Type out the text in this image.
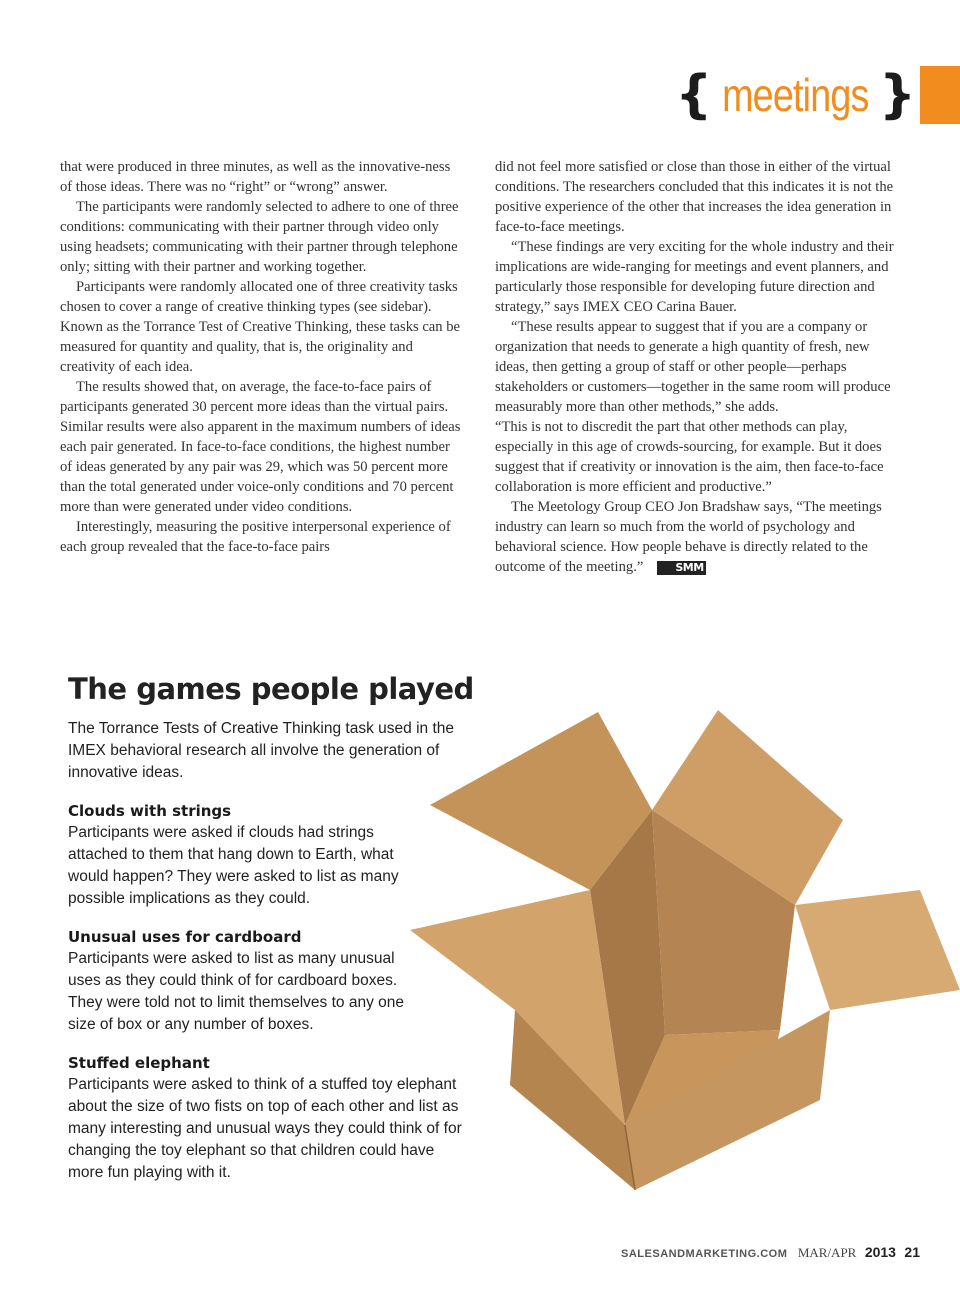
{ meetings }

that were produced in three minutes, as well as the innovative-ness of those ideas. There was no “right” or “wrong” answer.

The participants were randomly selected to adhere to one of three conditions: communicating with their partner through video only using headsets; communicating with their partner through telephone only; sitting with their partner and working together.

Participants were randomly allocated one of three creativity tasks chosen to cover a range of creative thinking types (see sidebar). Known as the Torrance Test of Creative Thinking, these tasks can be measured for quantity and quality, that is, the originality and creativity of each idea.

The results showed that, on average, the face-to-face pairs of participants generated 30 percent more ideas than the virtual pairs. Similar results were also apparent in the maximum numbers of ideas each pair generated. In face-to-face conditions, the highest number of ideas generated by any pair was 29, which was 50 percent more than the total generated under voice-only conditions and 70 percent more than were generated under video conditions.

Interestingly, measuring the positive interpersonal experience of each group revealed that the face-to-face pairs

did not feel more satisfied or close than those in either of the virtual conditions. The researchers concluded that this indicates it is not the positive experience of the other that increases the idea generation in face-to-face meetings.

“These findings are very exciting for the whole industry and their implications are wide-ranging for meetings and event planners, and particularly those responsible for developing future direction and strategy,” says IMEX CEO Carina Bauer.

“These results appear to suggest that if you are a company or organization that needs to generate a high quantity of fresh, new ideas, then getting a group of staff or other people—perhaps stakeholders or customers—together in the same room will produce measurably more than other methods,” she adds.

“This is not to discredit the part that other methods can play, especially in this age of crowds-sourcing, for example. But it does suggest that if creativity or innovation is the aim, then face-to-face collaboration is more efficient and productive.”

The Meetology Group CEO Jon Bradshaw says, “The meetings industry can learn so much from the world of psychology and behavioral science. How people behave is directly related to the outcome of the meeting.”	SMM

The games people played

The Torrance Tests of Creative Thinking task used in the IMEX behavioral research all involve the generation of innovative ideas.

Clouds with strings

Participants were asked if clouds had strings attached to them that hang down to Earth, what would happen? They were asked to list as many possible implications as they could.

Unusual uses for cardboard

Participants were asked to list as many unusual uses as they could think of for cardboard boxes. They were told not to limit themselves to any one size of box or any number of boxes.

Stuffed elephant

Participants were asked to think of a stuffed toy elephant about the size of two fists on top of each other and list as many interesting and unusual ways they could think of for changing the toy elephant so that children could have more fun playing with it.

SALESANDMARKETING.COM MAR/APR 2013 21
